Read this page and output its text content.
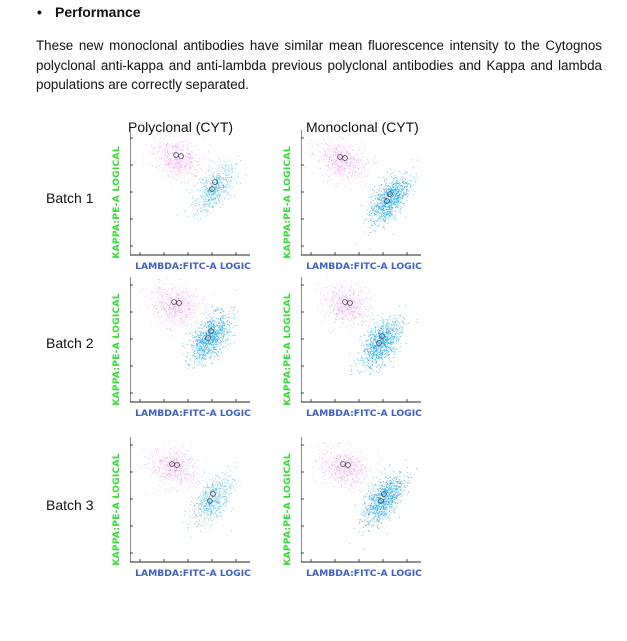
• Performance
These new monoclonal antibodies have similar mean fluorescence intensity to the Cytognos polyclonal anti-kappa and anti-lambda previous polyclonal antibodies and Kappa and lambda populations are correctly separated.
Polyclonal (CYT)	Monoclonal (CYT)
Batch 1
Batch 2
Batch 3
KAPPA:PE-A LOGICAL
LAMBDA:FITC-A LOGIC
KAPPA:PE-A LOGICAL
LAMBDA:FITC-A LOGIC
KAPPA:PE-A LOGICAL
LAMBDA:FITC-A LOGIC
KAPPA:PE-A LOGICAL
LAMBDA:FITC-A LOGIC
KAPPA:PE-A LOGICAL
LAMBDA:FITC-A LOGIC
KAPPA:PE-A LOGICAL
LAMBDA:FITC-A LOGIC
